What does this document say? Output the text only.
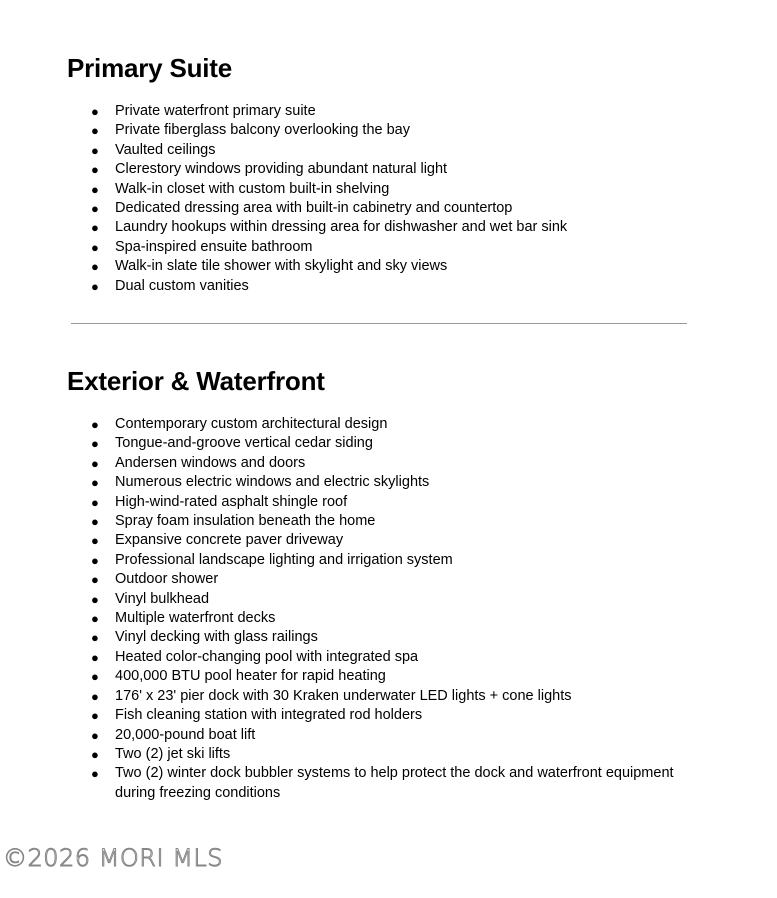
Primary Suite
● Private waterfront primary suite
● Private fiberglass balcony overlooking the bay
● Vaulted ceilings
● Clerestory windows providing abundant natural light
● Walk-in closet with custom built-in shelving
● Dedicated dressing area with built-in cabinetry and countertop
● Laundry hookups within dressing area for dishwasher and wet bar sink
● Spa-inspired ensuite bathroom
● Walk-in slate tile shower with skylight and sky views
● Dual custom vanities
Exterior & Waterfront
● Contemporary custom architectural design
● Tongue-and-groove vertical cedar siding
● Andersen windows and doors
● Numerous electric windows and electric skylights
● High-wind-rated asphalt shingle roof
● Spray foam insulation beneath the home
● Expansive concrete paver driveway
● Professional landscape lighting and irrigation system
● Outdoor shower
● Vinyl bulkhead
● Multiple waterfront decks
● Vinyl decking with glass railings
● Heated color-changing pool with integrated spa
● 400,000 BTU pool heater for rapid heating
● 176' x 23' pier dock with 30 Kraken underwater LED lights + cone lights
● Fish cleaning station with integrated rod holders
● 20,000-pound boat lift
● Two (2) jet ski lifts
● Two (2) winter dock bubbler systems to help protect the dock and waterfront equipment during freezing conditions
©2026 MORI MLS
